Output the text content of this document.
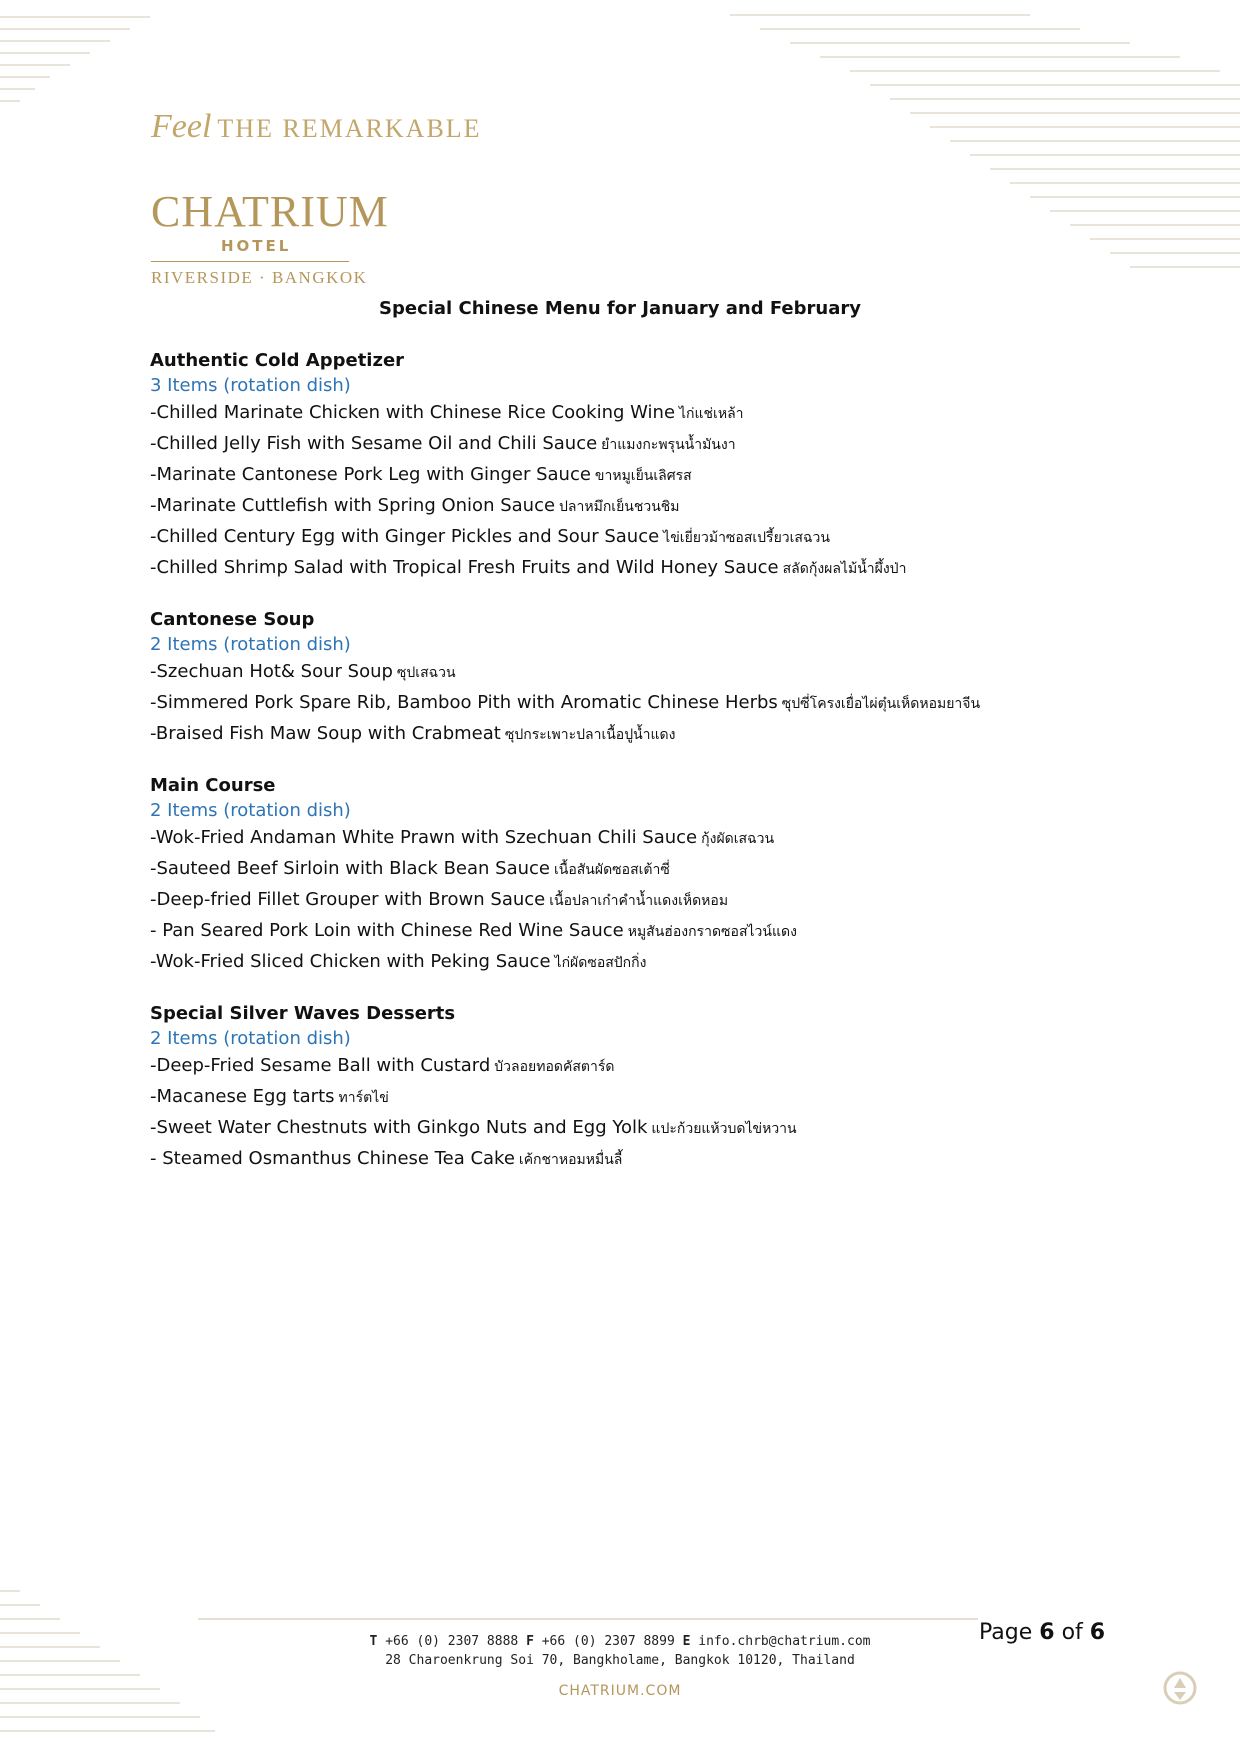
Feel THE REMARKABLE
CHATRIUM
HOTEL
RIVERSIDE · BANGKOK
Special Chinese Menu for January and February
Authentic Cold Appetizer
3 Items (rotation dish)
-Chilled Marinate Chicken with Chinese Rice Cooking Wine ไก่แช่เหล้า
-Chilled Jelly Fish with Sesame Oil and Chili Sauce ยำแมงกะพรุนน้ำมันงา
-Marinate Cantonese Pork Leg with Ginger Sauce ขาหมูเย็นเลิศรส
-Marinate Cuttlefish with Spring Onion Sauce ปลาหมึกเย็นชวนชิม
-Chilled Century Egg with Ginger Pickles and Sour Sauce ไข่เยี่ยวม้าซอสเปรี้ยวเสฉวน
-Chilled Shrimp Salad with Tropical Fresh Fruits and Wild Honey Sauce สลัดกุ้งผลไม้น้ำผึ้งป่า
Cantonese Soup
2 Items (rotation dish)
-Szechuan Hot& Sour Soup ซุปเสฉวน
-Simmered Pork Spare Rib, Bamboo Pith with Aromatic Chinese Herbs ซุปซี่โครงเยื่อไผ่ตุ๋นเห็ดหอมยาจีน
-Braised Fish Maw Soup with Crabmeat ซุปกระเพาะปลาเนื้อปูน้ำแดง
Main Course
2 Items (rotation dish)
-Wok-Fried Andaman White Prawn with Szechuan Chili Sauce กุ้งผัดเสฉวน
-Sauteed Beef Sirloin with Black Bean Sauce เนื้อสันผัดซอสเต้าซี่
-Deep-fried Fillet Grouper with Brown Sauce เนื้อปลาเก๋าคำน้ำแดงเห็ดหอม
- Pan Seared Pork Loin with Chinese Red Wine Sauce หมูสันฮ่องกราดซอสไวน์แดง
-Wok-Fried Sliced Chicken with Peking Sauce ไก่ผัดซอสปักกิ่ง
Special Silver Waves Desserts
2 Items (rotation dish)
-Deep-Fried Sesame Ball with Custard บัวลอยทอดคัสตาร์ด
-Macanese Egg tarts ทาร์ตไข่
-Sweet Water Chestnuts with Ginkgo Nuts and Egg Yolk แปะก้วยแห้วบดไข่หวาน
- Steamed Osmanthus Chinese Tea Cake เค้กชาหอมหมื่นลี้
T +66 (0) 2307 8888 F +66 (0) 2307 8899 E info.chrb@chatrium.com
28 Charoenkrung Soi 70, Bangkholame, Bangkok 10120, Thailand
CHATRIUM.COM
Page 6 of 6
